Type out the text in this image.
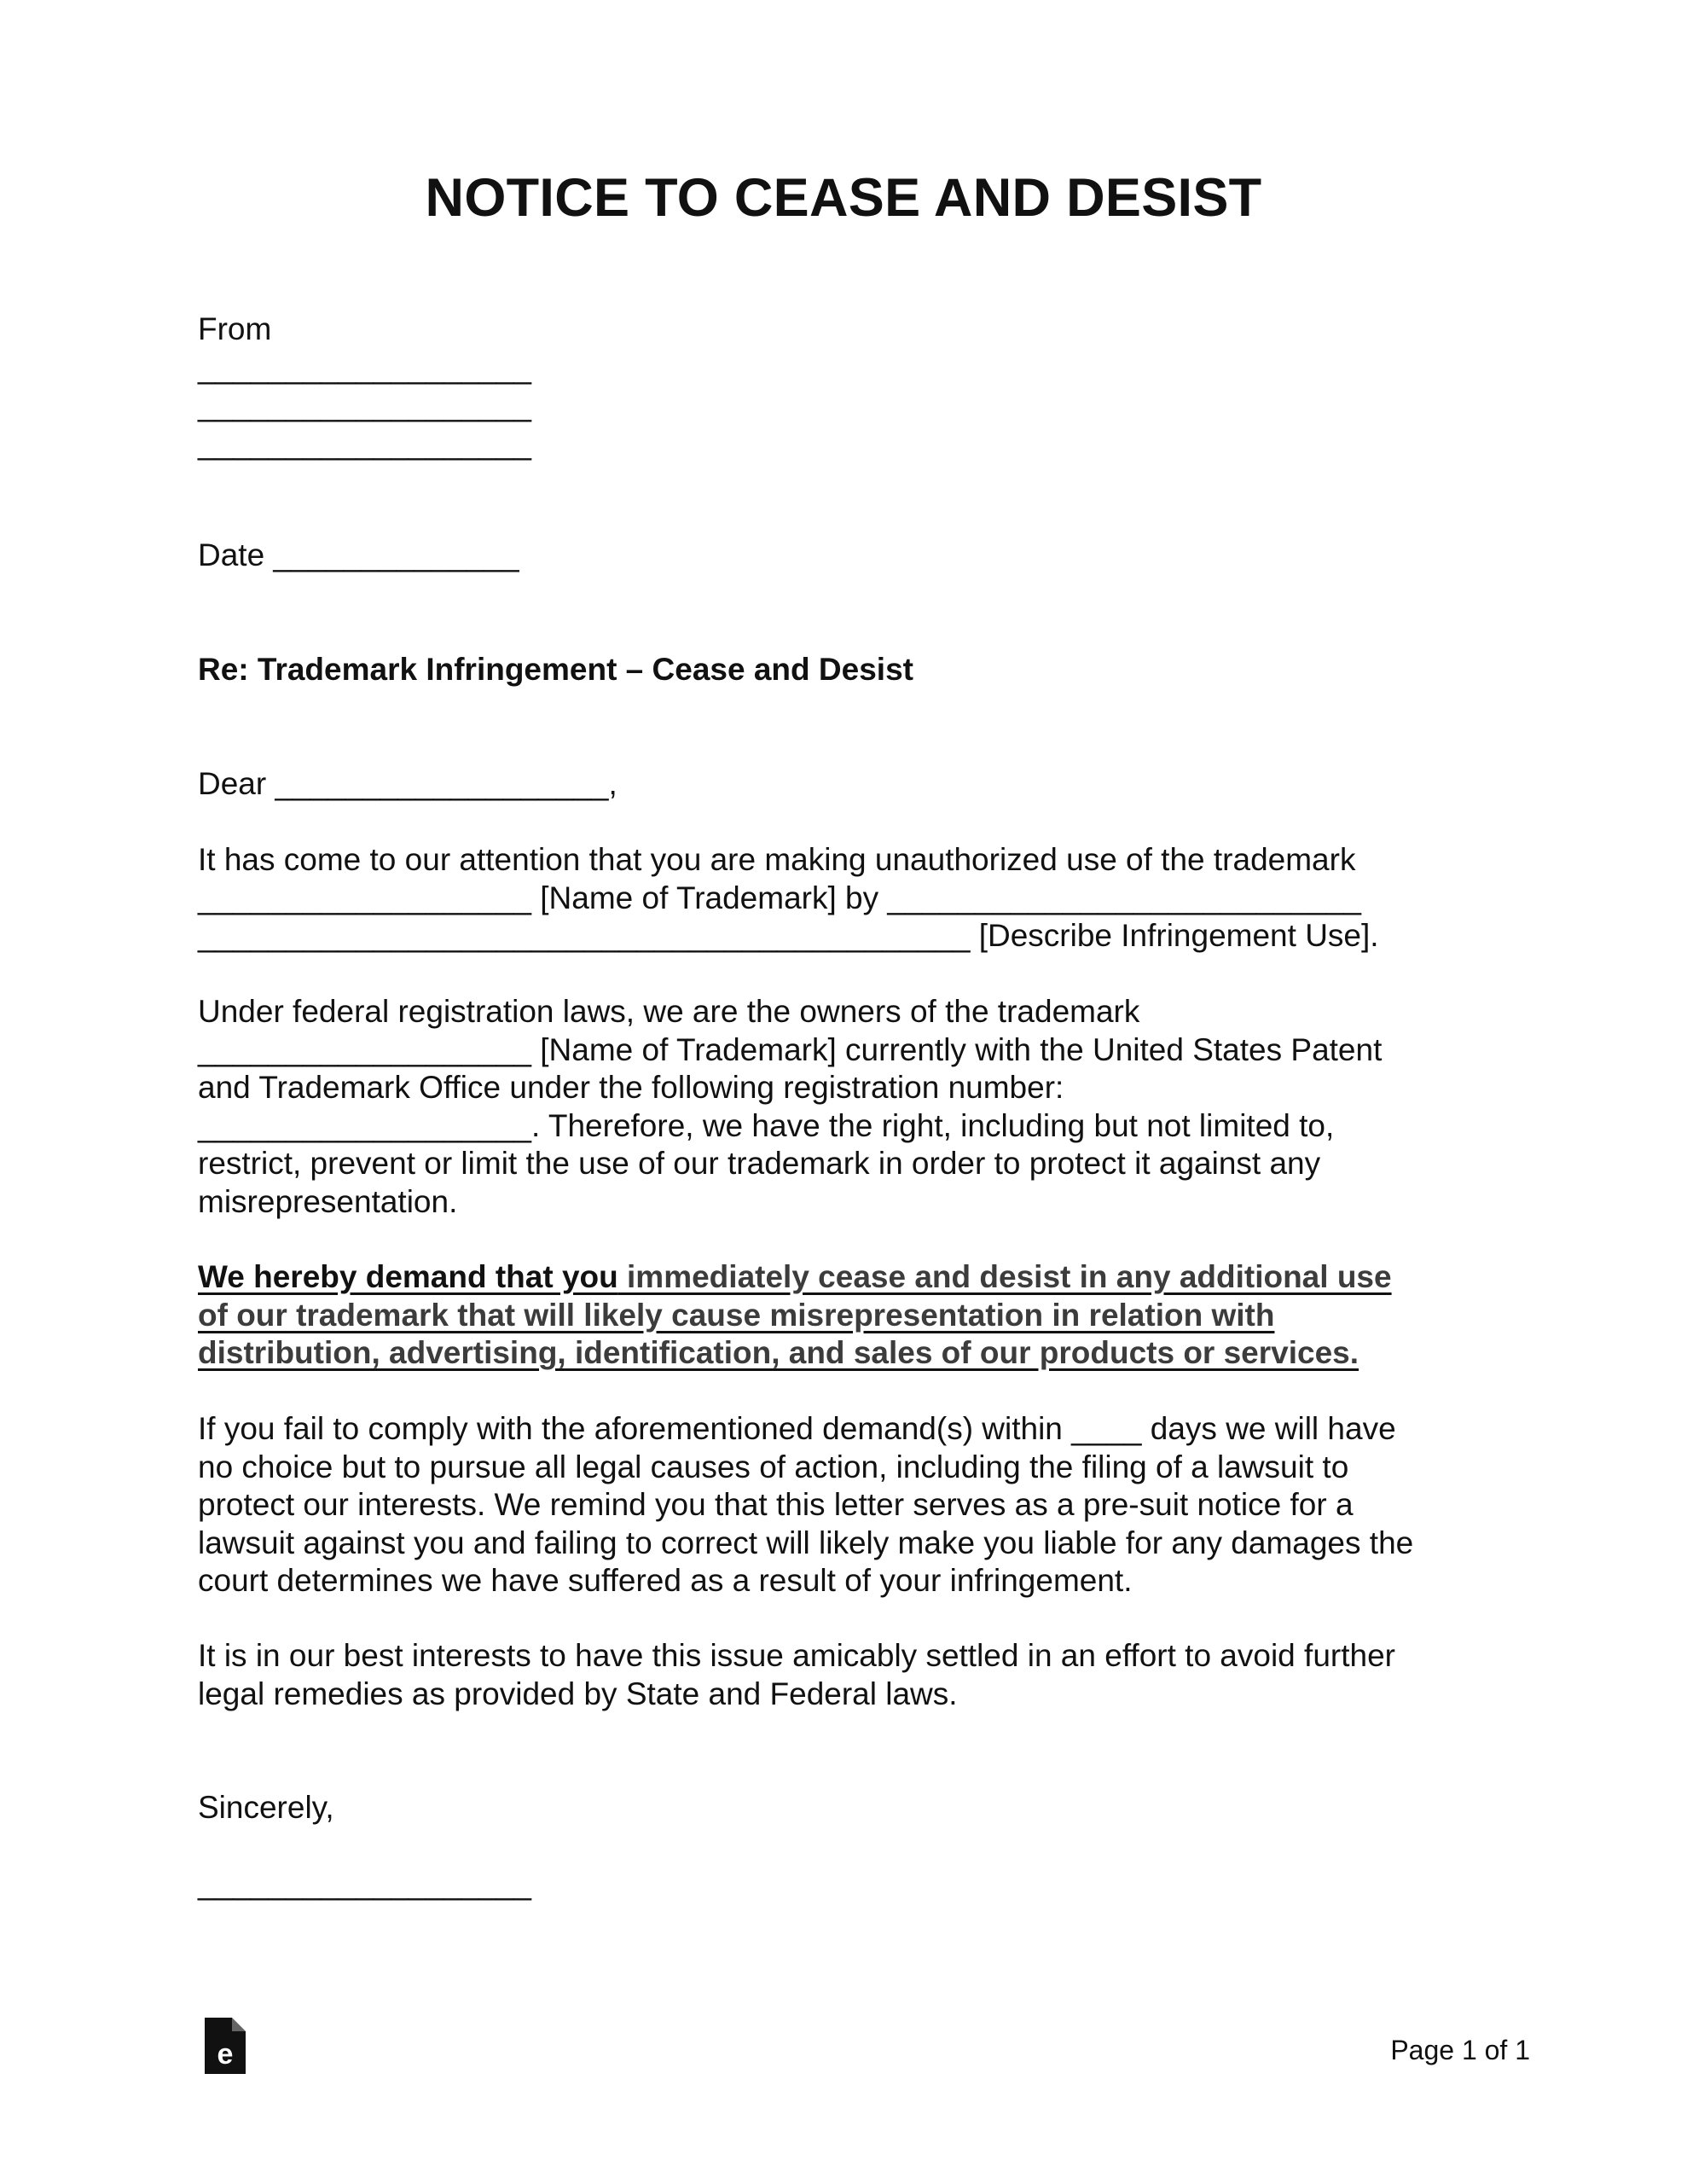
NOTICE TO CEASE AND DESIST
From
___________________
___________________
___________________
Date ______________
Re: Trademark Infringement – Cease and Desist
Dear ___________________,
It has come to our attention that you are making unauthorized use of the trademark
___________________ [Name of Trademark] by ___________________________
____________________________________________ [Describe Infringement Use].
Under federal registration laws, we are the owners of the trademark
___________________ [Name of Trademark] currently with the United States Patent
and Trademark Office under the following registration number:
___________________. Therefore, we have the right, including but not limited to,
restrict, prevent or limit the use of our trademark in order to protect it against any
misrepresentation.
We hereby demand that you immediately cease and desist in any additional use
of our trademark that will likely cause misrepresentation in relation with
distribution, advertising, identification, and sales of our products or services.
If you fail to comply with the aforementioned demand(s) within ____ days we will have
no choice but to pursue all legal causes of action, including the filing of a lawsuit to
protect our interests. We remind you that this letter serves as a pre-suit notice for a
lawsuit against you and failing to correct will likely make you liable for any damages the
court determines we have suffered as a result of your infringement.
It is in our best interests to have this issue amicably settled in an effort to avoid further
legal remedies as provided by State and Federal laws.
Sincerely,
___________________
e	Page 1 of 1
